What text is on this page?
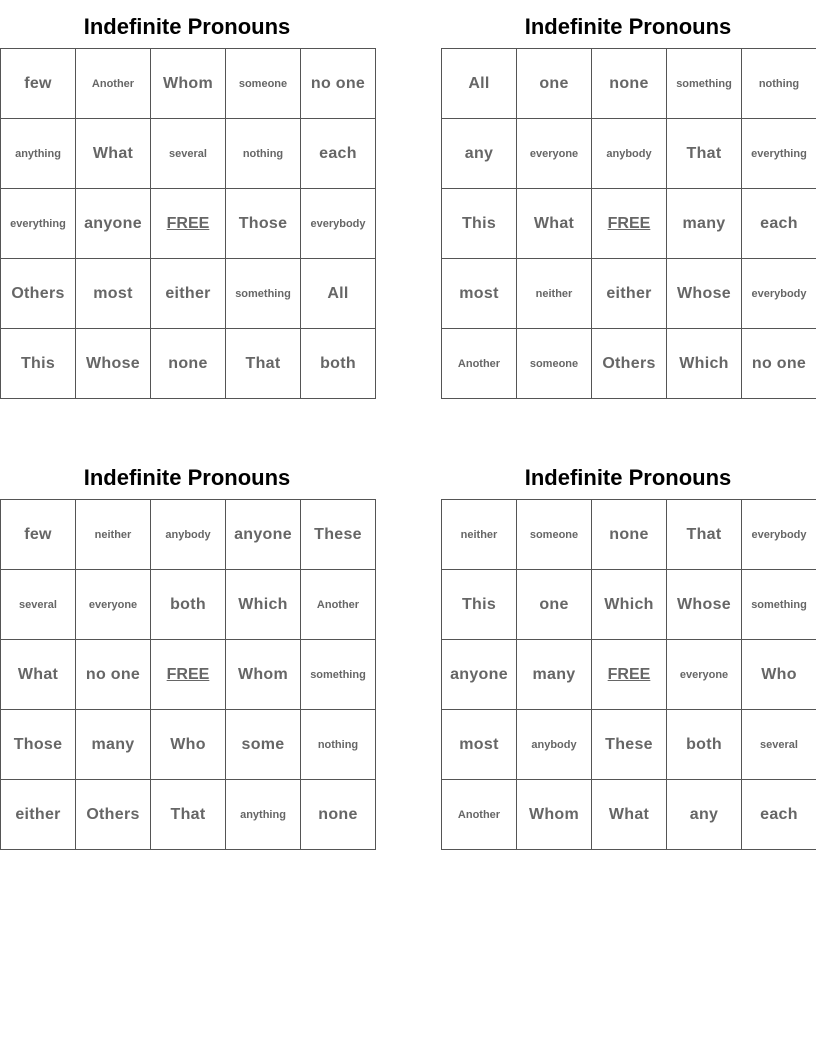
Indefinite Pronouns
few	Another	Whom	someone	no one
anything	What	several	nothing	each
everything	anyone	FREE	Those	everybody
Others	most	either	something	All
This	Whose	none	That	both
Indefinite Pronouns
All	one	none	something	nothing
any	everyone	anybody	That	everything
This	What	FREE	many	each
most	neither	either	Whose	everybody
Another	someone	Others	Which	no one
Indefinite Pronouns
few	neither	anybody	anyone	These
several	everyone	both	Which	Another
What	no one	FREE	Whom	something
Those	many	Who	some	nothing
either	Others	That	anything	none
Indefinite Pronouns
neither	someone	none	That	everybody
This	one	Which	Whose	something
anyone	many	FREE	everyone	Who
most	anybody	These	both	several
Another	Whom	What	any	each
